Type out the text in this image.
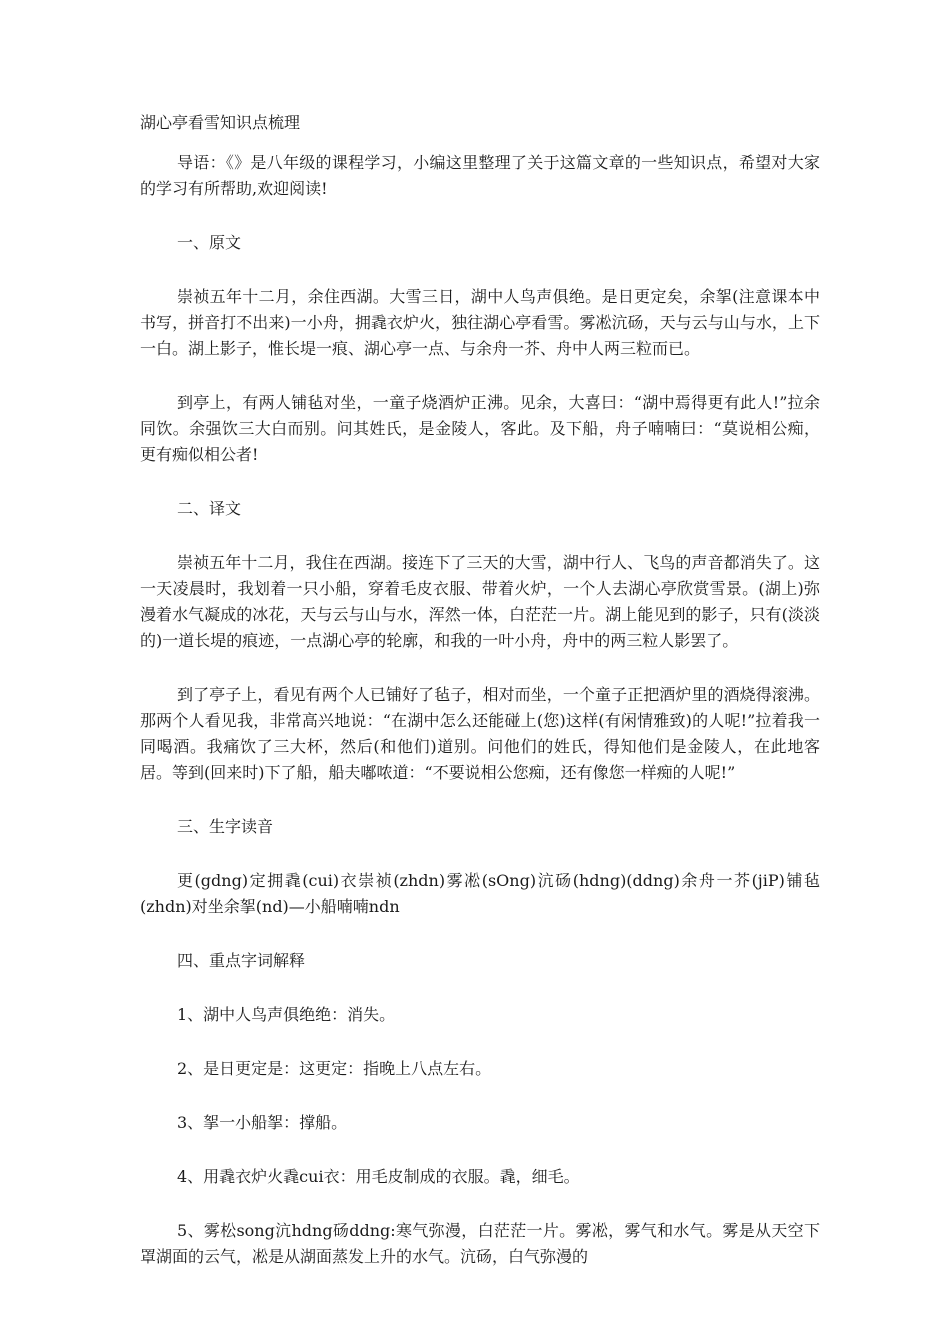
湖心亭看雪知识点梳理

导语：《》是八年级的课程学习，小编这里整理了关于这篇文章的一些知识点，希望对大家的学习有所帮助,欢迎阅读!

一、原文

崇祯五年十二月，余住西湖。大雪三日，湖中人鸟声俱绝。是日更定矣，余挐(注意课本中书写，拼音打不出来)一小舟，拥毳衣炉火，独往湖心亭看雪。雾凇沆砀，天与云与山与水，上下一白。湖上影子，惟长堤一痕、湖心亭一点、与余舟一芥、舟中人两三粒而已。

到亭上，有两人铺毡对坐，一童子烧酒炉正沸。见余，大喜曰：“湖中焉得更有此人!”拉余同饮。余强饮三大白而别。问其姓氏，是金陵人，客此。及下船，舟子喃喃曰：“莫说相公痴，更有痴似相公者!

二、译文

崇祯五年十二月，我住在西湖。接连下了三天的大雪，湖中行人、飞鸟的声音都消失了。这一天凌晨时，我划着一只小船，穿着毛皮衣服、带着火炉，一个人去湖心亭欣赏雪景。(湖上)弥漫着水气凝成的冰花，天与云与山与水，浑然一体，白茫茫一片。湖上能见到的影子，只有(淡淡的)一道长堤的痕迹，一点湖心亭的轮廓，和我的一叶小舟，舟中的两三粒人影罢了。

到了亭子上，看见有两个人已铺好了毡子，相对而坐，一个童子正把酒炉里的酒烧得滚沸。那两个人看见我，非常高兴地说：“在湖中怎么还能碰上(您)这样(有闲情雅致)的人呢!”拉着我一同喝酒。我痛饮了三大杯，然后(和他们)道别。问他们的姓氏，得知他们是金陵人，在此地客居。等到(回来时)下了船，船夫嘟哝道：“不要说相公您痴，还有像您一样痴的人呢!”

三、生字读音

更(gdng)定拥毳(cui)衣崇祯(zhdn)雾凇(sOng)沆砀(hdng)(ddng)余舟一芥(jiP)铺毡(zhdn)对坐余挐(nd)—小船喃喃ndn

四、重点字词解释

1、湖中人鸟声俱绝绝：消失。

2、是日更定是：这更定：指晚上八点左右。

3、挐一小船挐：撑船。

4、用毳衣炉火毳cui衣：用毛皮制成的衣服。毳，细毛。

5、雾松song沆hdng砀ddng:寒气弥漫，白茫茫一片。雾凇，雾气和水气。雾是从天空下罩湖面的云气，凇是从湖面蒸发上升的水气。沆砀，白气弥漫的
